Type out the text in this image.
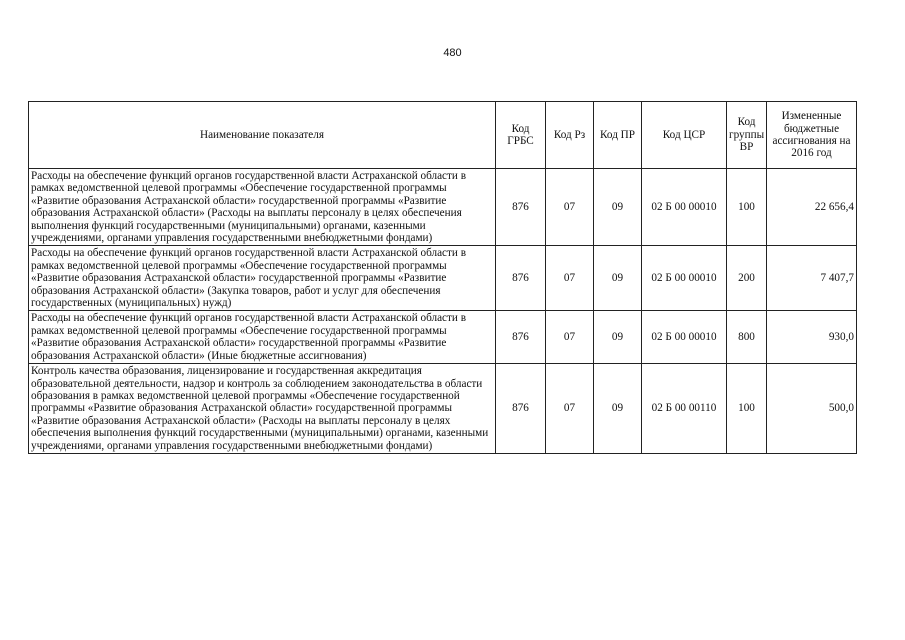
480
Наименование показателя	Код ГРБС	Код Рз	Код ПР	Код ЦСР	Код группы ВР	Измененные бюджетные ассигнования на 2016 год
Расходы на обеспечение функций органов государственной власти Астраханской области в рамках ведомственной целевой программы «Обеспечение государственной программы «Развитие образования Астраханской области» государственной программы «Развитие образования Астраханской области» (Расходы на выплаты персоналу в целях обеспечения выполнения функций государственными (муниципальными) органами, казенными учреждениями, органами управления государственными внебюджетными фондами)	876	07	09	02 Б 00 00010	100	22 656,4
Расходы на обеспечение функций органов государственной власти Астраханской области в рамках ведомственной целевой программы «Обеспечение государственной программы «Развитие образования Астраханской области» государственной программы «Развитие образования Астраханской области» (Закупка товаров, работ и услуг для обеспечения государственных (муниципальных) нужд)	876	07	09	02 Б 00 00010	200	7 407,7
Расходы на обеспечение функций органов государственной власти Астраханской области в рамках ведомственной целевой программы «Обеспечение государственной программы «Развитие образования Астраханской области» государственной программы «Развитие образования Астраханской области» (Иные бюджетные ассигнования)	876	07	09	02 Б 00 00010	800	930,0
Контроль качества образования, лицензирование и государственная аккредитация образовательной деятельности, надзор и контроль за соблюдением законодательства в области образования в рамках ведомственной целевой программы «Обеспечение государственной программы «Развитие образования Астраханской области» государственной программы «Развитие образования Астраханской области» (Расходы на выплаты персоналу в целях обеспечения выполнения функций государственными (муниципальными) органами, казенными учреждениями, органами управления государственными внебюджетными фондами)	876	07	09	02 Б 00 00110	100	500,0
